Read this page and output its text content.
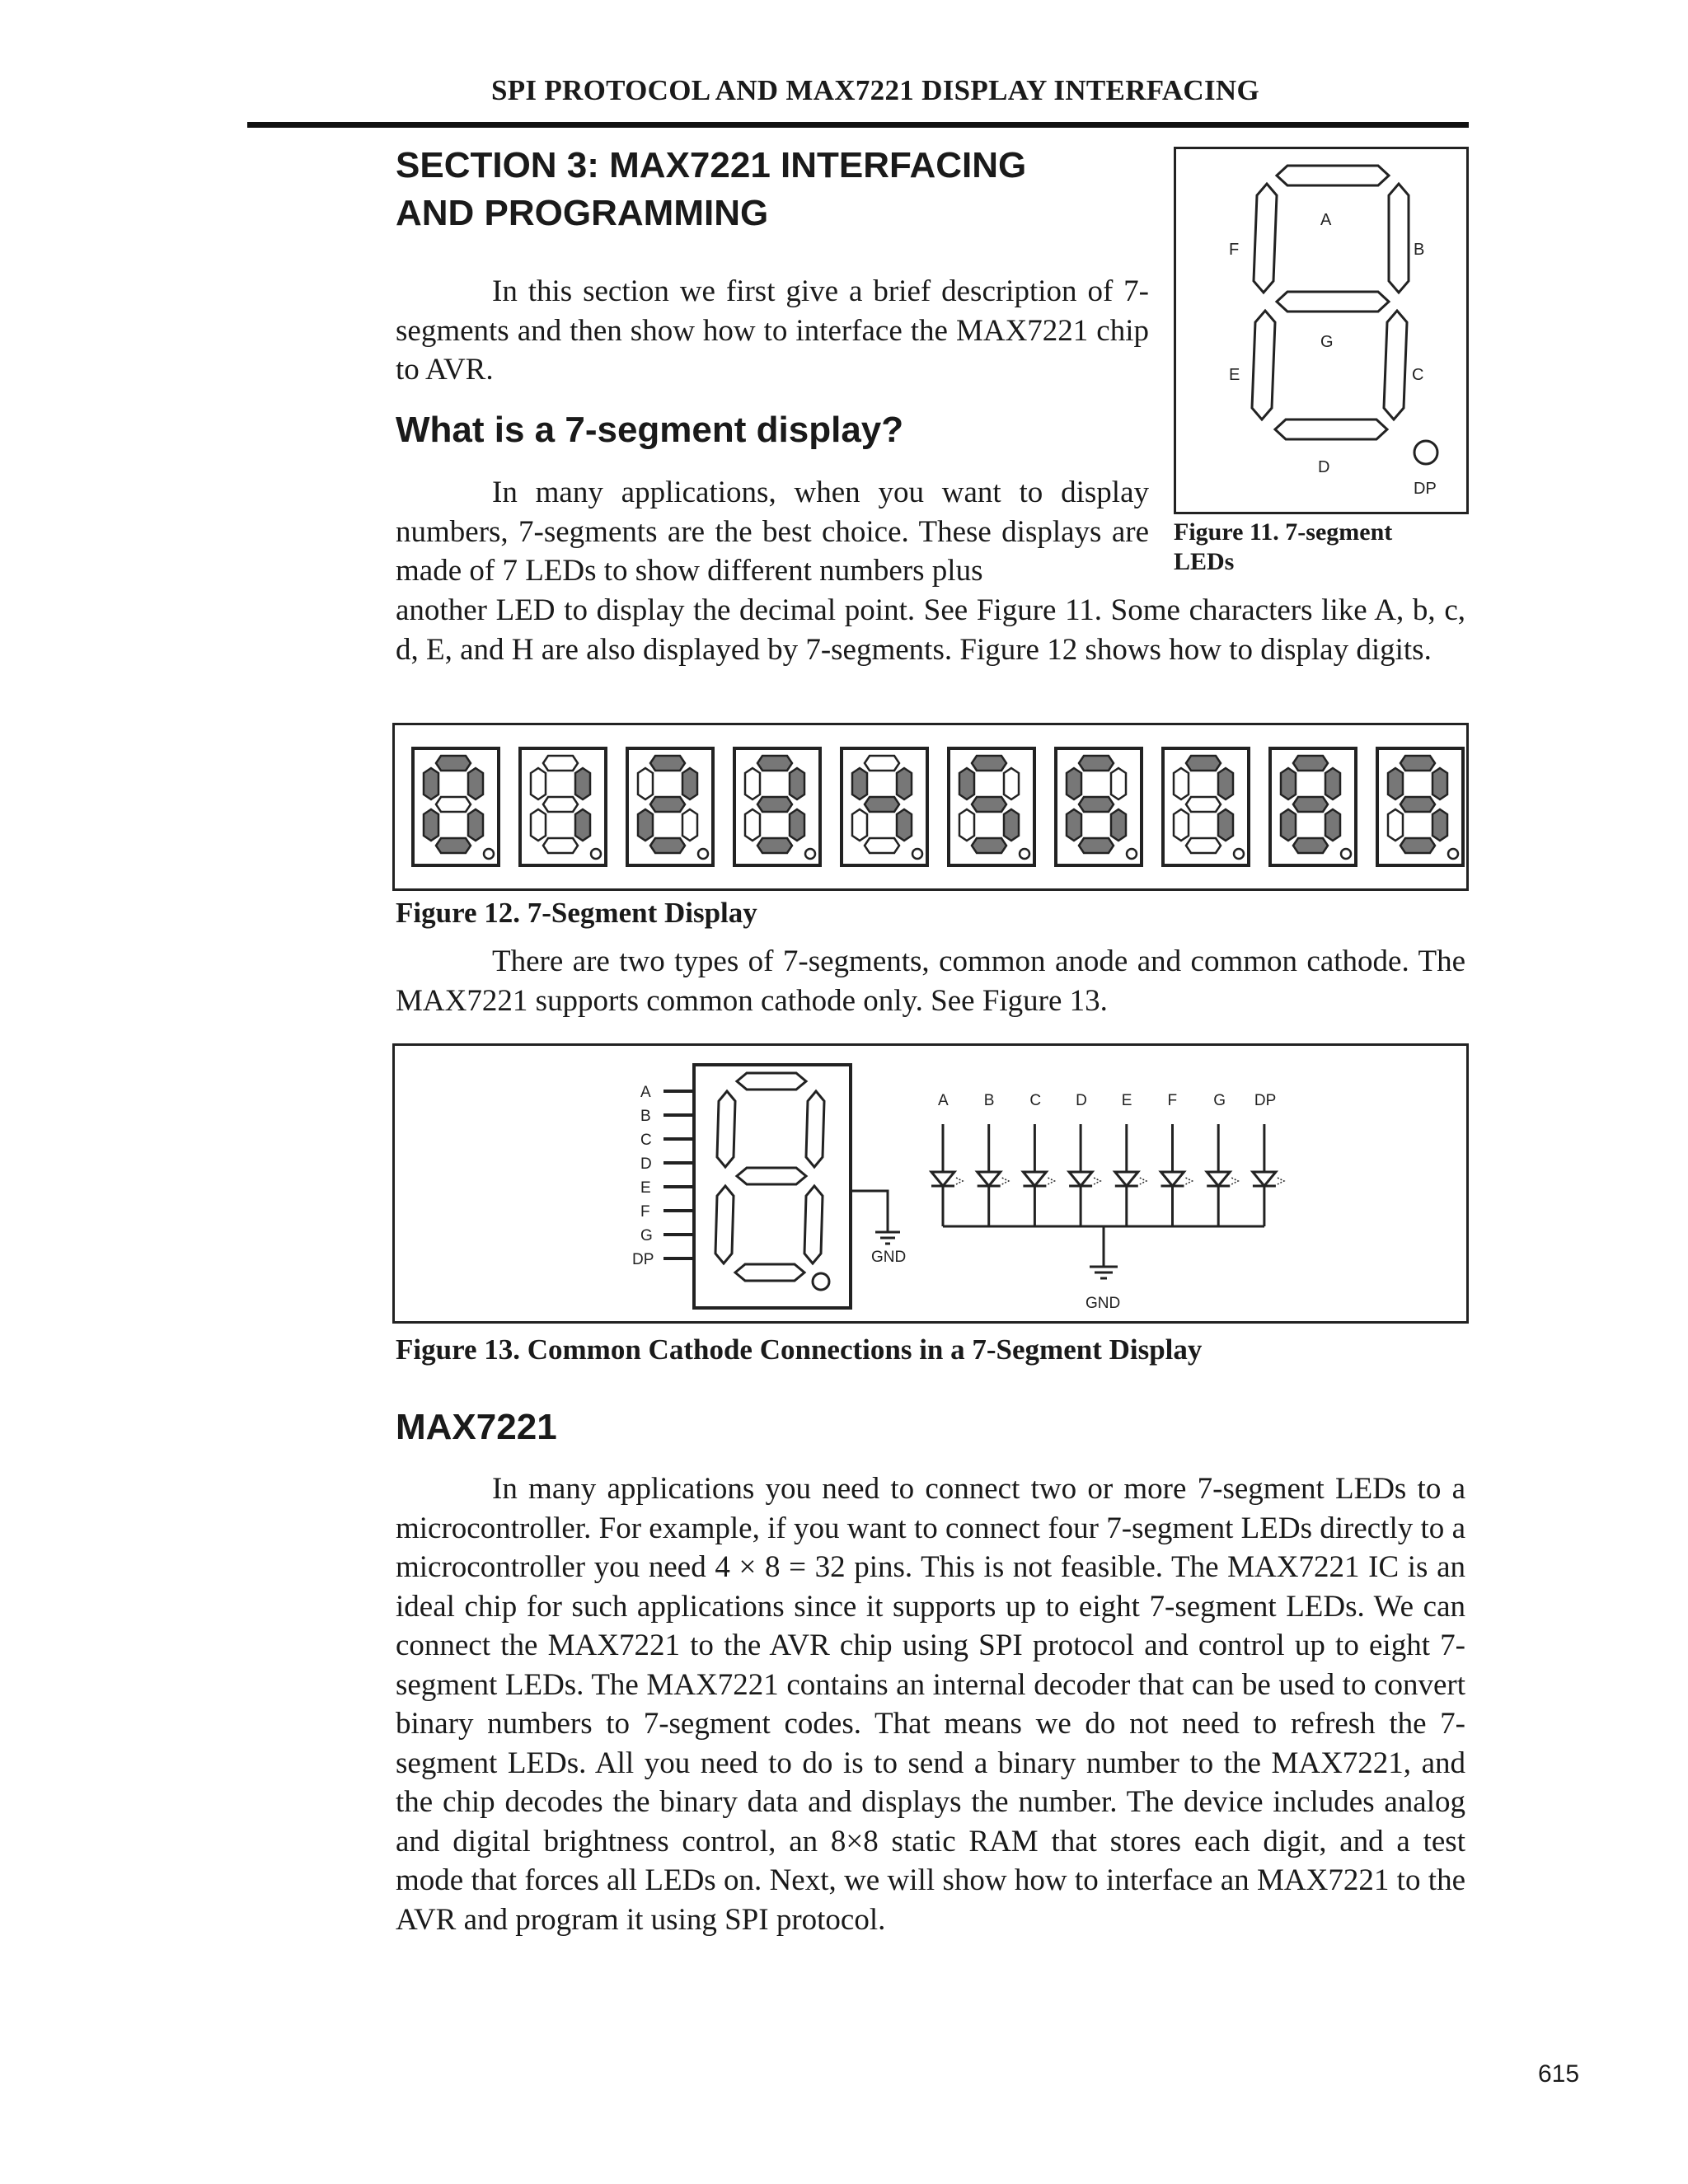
SPI PROTOCOL AND MAX7221 DISPLAY INTERFACING
SECTION 3: MAX7221 INTERFACING
AND PROGRAMMING

In this section we first give a brief description of 7-segments and then show how to interface the MAX7221 chip to AVR.

What is a 7-segment display?

In many applications, when you want to display numbers, 7-segments are the best choice. These displays are made of 7 LEDs to show different numbers plus

another LED to display the decimal point. See Figure 11. Some characters like A, b, c, d, E, and H are also displayed by 7-segments. Figure 12 shows how to display digits.

A
B
F
G
E	C
D
DP
Figure 11. 7-segment
LEDs
Figure 12. 7-Segment Display

There are two types of 7-segments, common anode and common cathode. The MAX7221 supports common cathode only. See Figure 13.

A
B
C
D
E
F
G
DP	GND
GND
A B C D E F G DP
Figure 13. Common Cathode Connections in a 7-Segment Display
MAX7221

In many applications you need to connect two or more 7-segment LEDs to a microcontroller. For example, if you want to connect four 7-segment LEDs directly to a microcontroller you need 4 × 8 = 32 pins. This is not feasible. The MAX7221 IC is an ideal chip for such applications since it supports up to eight 7-segment LEDs. We can connect the MAX7221 to the AVR chip using SPI protocol and control up to eight 7-segment LEDs. The MAX7221 contains an internal decoder that can be used to convert binary numbers to 7-segment codes. That means we do not need to refresh the 7-segment LEDs. All you need to do is to send a binary number to the MAX7221, and the chip decodes the binary data and displays the number. The device includes analog and digital brightness control, an 8×8 static RAM that stores each digit, and a test mode that forces all LEDs on. Next, we will show how to interface an MAX7221 to the AVR and program it using SPI protocol.

615
